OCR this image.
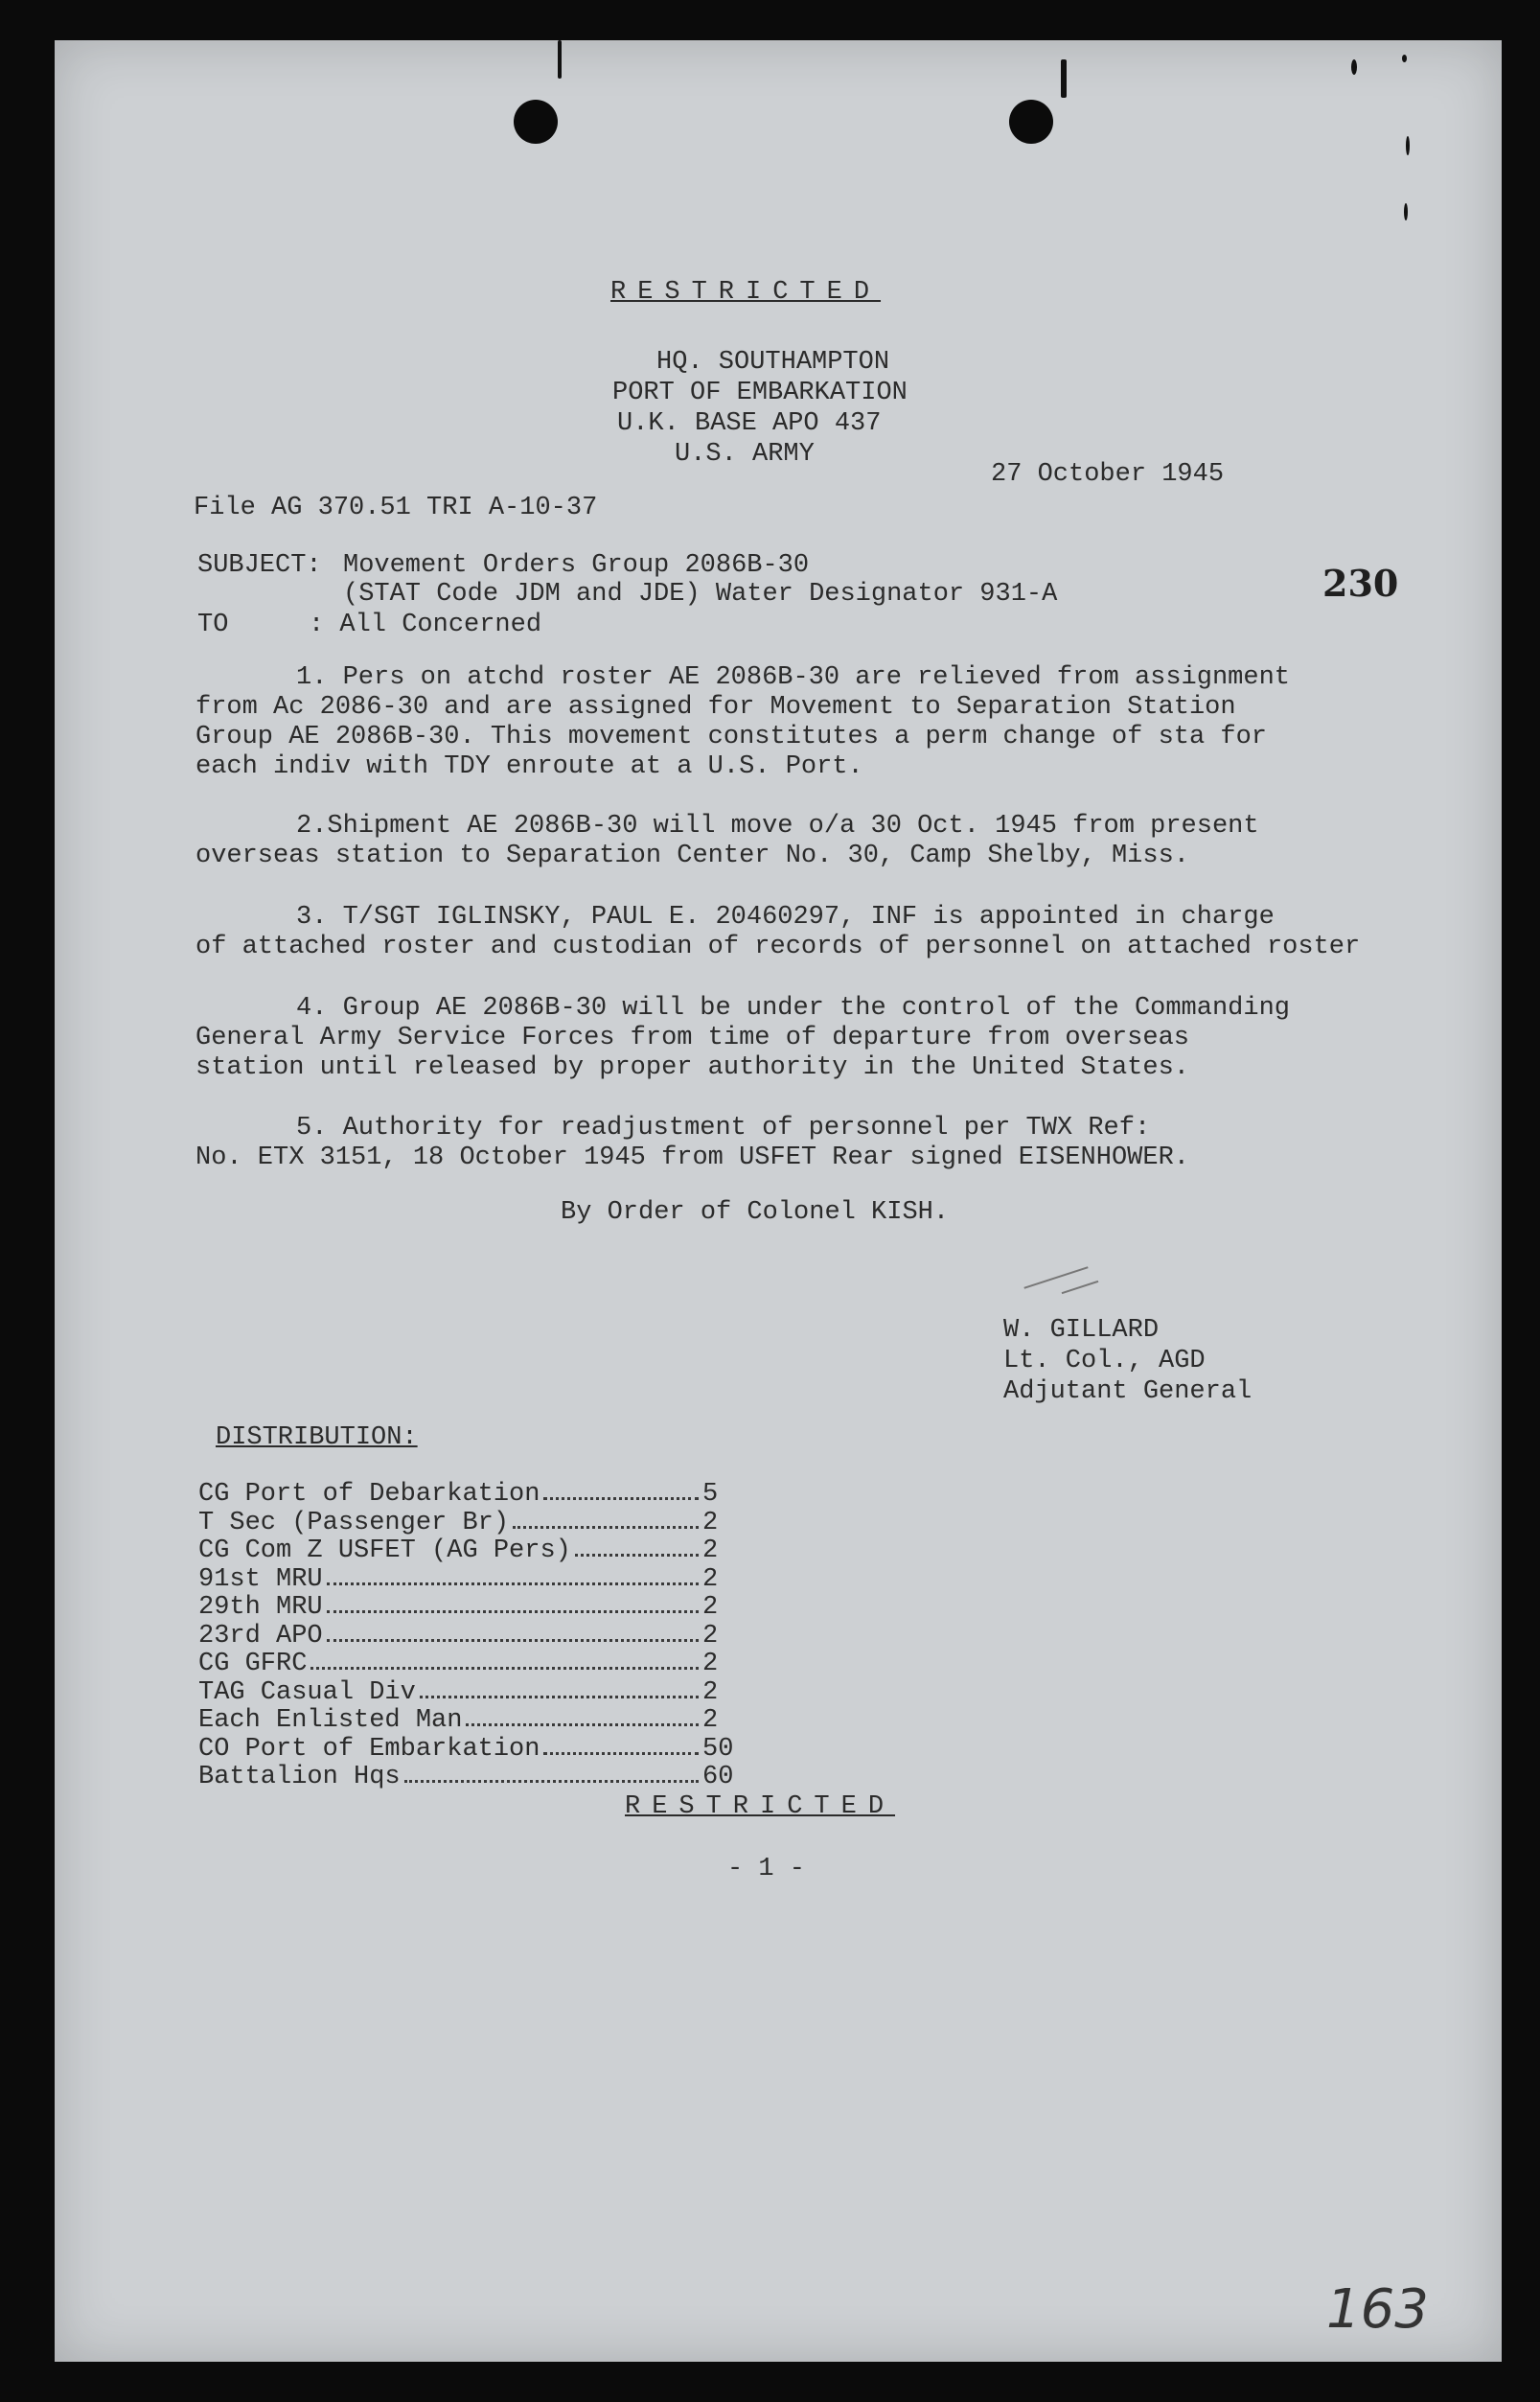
RESTRICTED
HQ. SOUTHAMPTON
PORT OF EMBARKATION
U.K. BASE APO 437
U.S. ARMY
27 October 1945
File AG 370.51 TRI A-10-37
230
SUBJECT: Movement Orders Group 2086B-30
(STAT Code JDM and JDE) Water Designator 931-A
TO	: All Concerned
1. Pers on atchd roster AE 2086B-30 are relieved from assignment
from Ac 2086-30 and are assigned for Movement to Separation Station
Group AE 2086B-30. This movement constitutes a perm change of sta for
each indiv with TDY enroute at a U.S. Port.
2.Shipment AE 2086B-30 will move o/a 30 Oct. 1945 from present
overseas station to Separation Center No. 30, Camp Shelby, Miss.
3. T/SGT IGLINSKY, PAUL E. 20460297, INF is appointed in charge
of attached roster and custodian of records of personnel on attached roster
4. Group AE 2086B-30 will be under the control of the Commanding
General Army Service Forces from time of departure from overseas
station until released by proper authority in the United States.
5. Authority for readjustment of personnel per TWX Ref:
No. ETX 3151, 18 October 1945 from USFET Rear signed EISENHOWER.
By Order of Colonel KISH.
W. GILLARD
Lt. Col., AGD
Adjutant General
DISTRIBUTION:
CG Port of Debarkation	5
T Sec (Passenger Br)	2
CG Com Z USFET (AG Pers)	2
91st MRU	2
29th MRU	2
23rd APO	2
CG GFRC	2
TAG Casual Div	2
Each Enlisted Man	2
CO Port of Embarkation	50
Battalion Hqs	60
RESTRICTED
- 1 -
163
